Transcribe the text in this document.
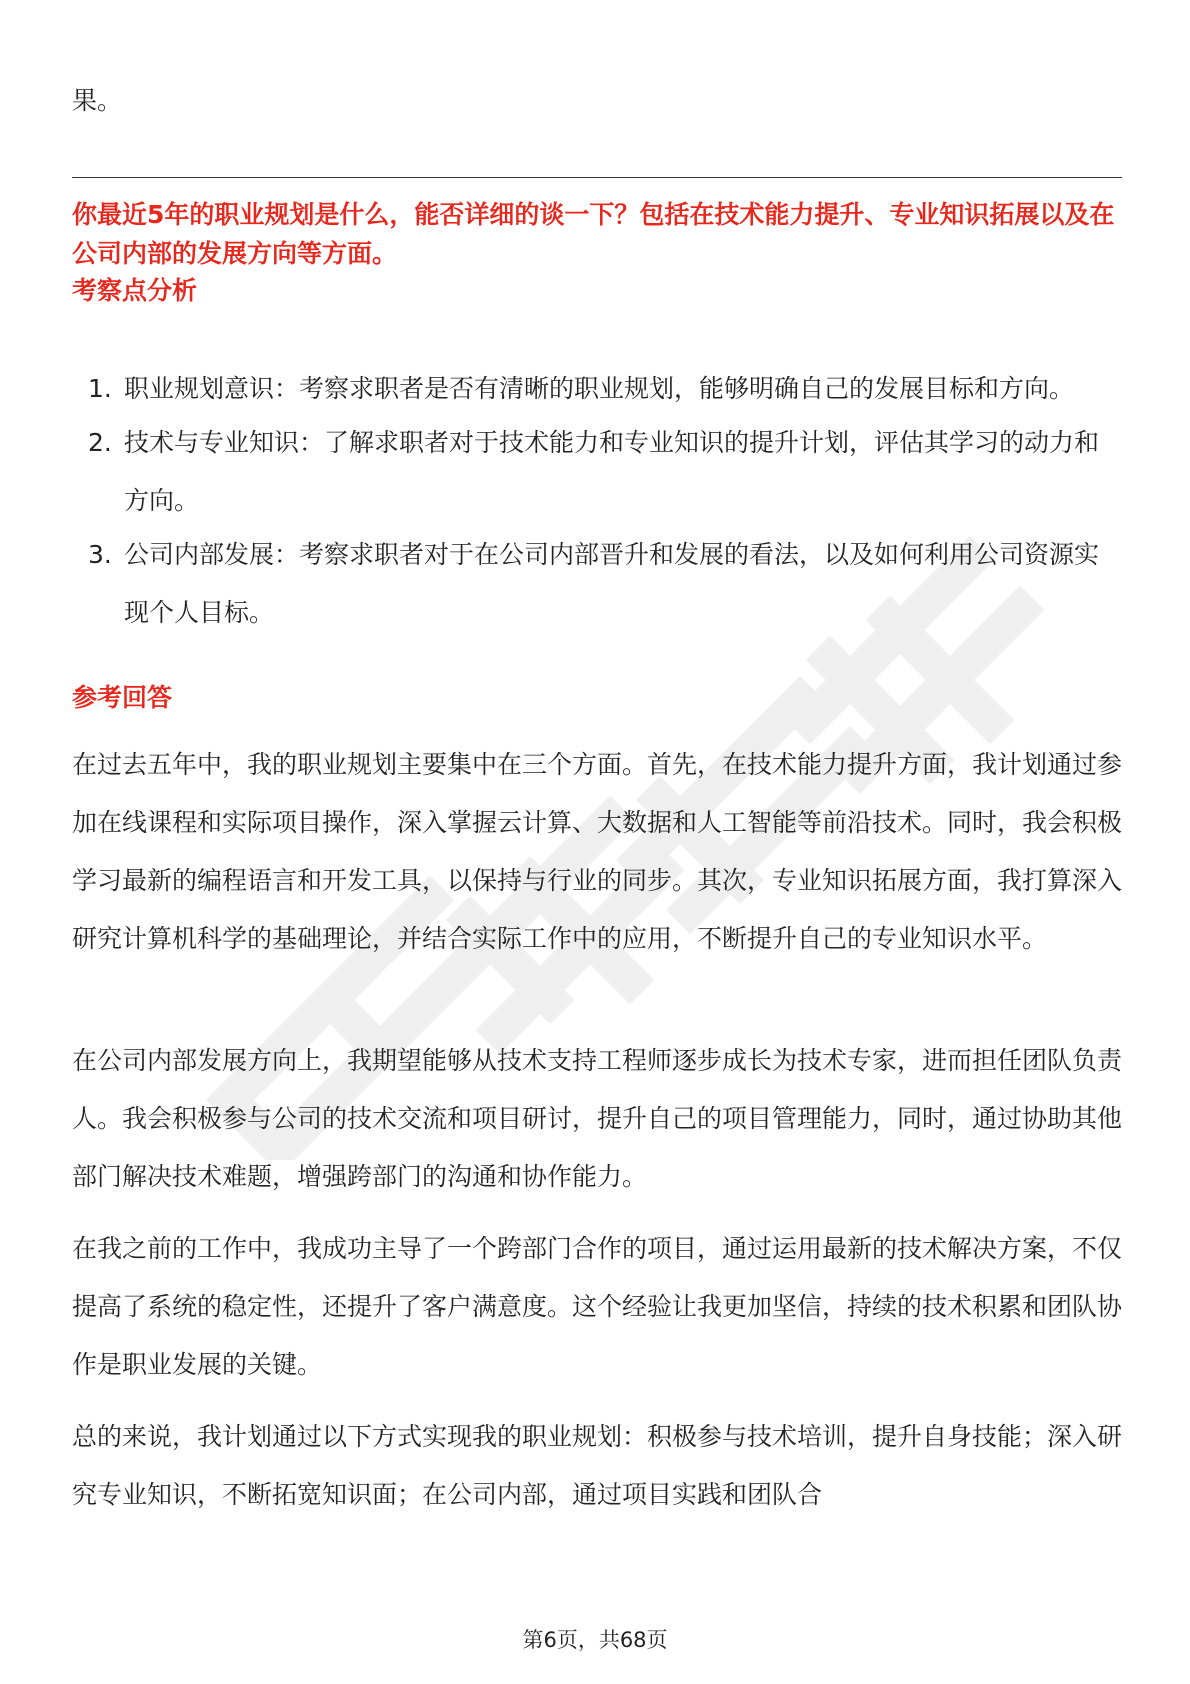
果。

你最近5年的职业规划是什么，能否详细的谈一下？包括在技术能力提升、专业知识拓展以及在公司内部的发展方向等方面。

考察点分析
1. 职业规划意识：考察求职者是否有清晰的职业规划，能够明确自己的发展目标和方向。
2. 技术与专业知识：了解求职者对于技术能力和专业知识的提升计划，评估其学习的动力和方向。
3. 公司内部发展：考察求职者对于在公司内部晋升和发展的看法，以及如何利用公司资源实现个人目标。
参考回答

在过去五年中，我的职业规划主要集中在三个方面。首先，在技术能力提升方面，我计划通过参加在线课程和实际项目操作，深入掌握云计算、大数据和人工智能等前沿技术。同时，我会积极学习最新的编程语言和开发工具，以保持与行业的同步。其次，专业知识拓展方面，我打算深入研究计算机科学的基础理论，并结合实际工作中的应用，不断提升自己的专业知识水平。

在公司内部发展方向上，我期望能够从技术支持工程师逐步成长为技术专家，进而担任团队负责人。我会积极参与公司的技术交流和项目研讨，提升自己的项目管理能力，同时，通过协助其他部门解决技术难题，增强跨部门的沟通和协作能力。

在我之前的工作中，我成功主导了一个跨部门合作的项目，通过运用最新的技术解决方案，不仅提高了系统的稳定性，还提升了客户满意度。这个经验让我更加坚信，持续的技术积累和团队协作是职业发展的关键。

总的来说，我计划通过以下方式实现我的职业规划：积极参与技术培训，提升自身技能；深入研究专业知识，不断拓宽知识面；在公司内部，通过项目实践和团队合

第6页，共68页
